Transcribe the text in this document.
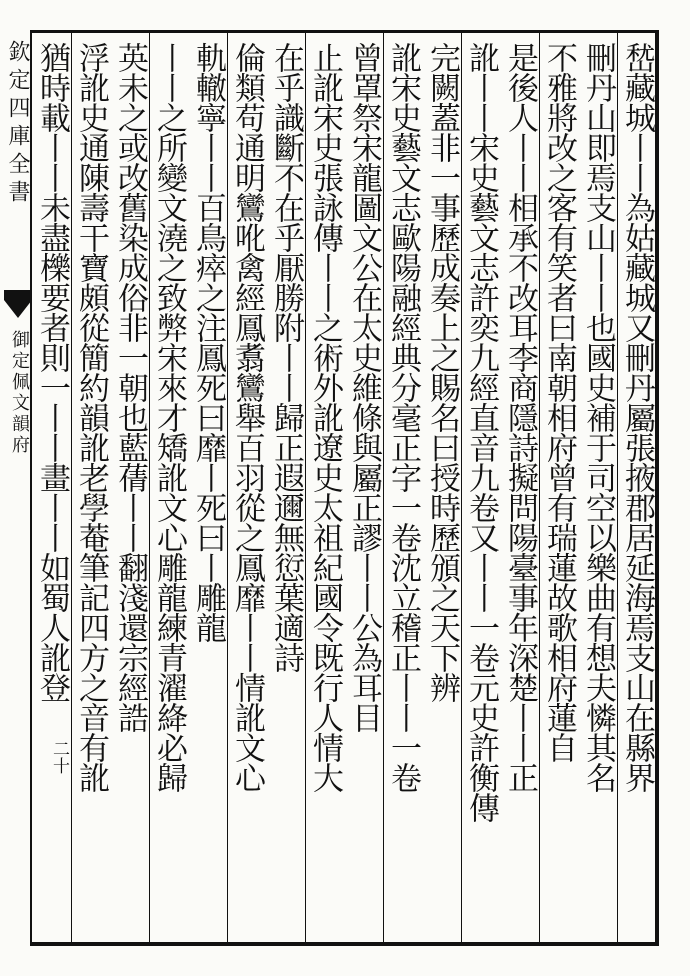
欽定四庫全書
御定佩文韻府
二十	嵆藏城丨丨為姑藏城又刪丹屬張掖郡居延海焉支山在縣界
刪丹山即焉支山丨丨也國史補于司空以樂曲有想夫憐其名
不雅將改之客有笑者曰南朝相府曾有瑞蓮故歌相府蓮自
是後人丨丨相承不改耳李商隱詩擬問陽臺事年深楚丨丨正
訛丨丨宋史藝文志許奕九經直音九卷又丨丨一卷元史許衡傳
完闕蓋非一事歷成奏上之賜名曰授時歷頒之天下辨
訛宋史藝文志歐陽融經典分毫正字一卷沈立稽正丨丨一卷
曾罩祭宋龍圖文公在太史維條與屬正謬丨丨公為耳目
止訛宋史張詠傳丨丨之術外訛遼史太祖紀國令既行人情大
在乎識斷不在乎厭勝附丨丨歸正遐邇無愆葉適詩
倫類苟通明鸞吪禽經鳳翥鸞舉百羽從之鳳靡丨丨情訛文心
軌轍寧丨丨百鳥瘁之注鳳死曰靡丨死曰丨雕龍
丨丨之所變文澆之致弊宋來才矯訛文心雕龍練青濯絳必歸
英未之或改舊染成俗非一朝也藍蒨丨丨翻淺還宗經誥
浮訛史通陳壽干寶頗從簡約韻訛老學菴筆記四方之音有訛
猶時載丨丨未盡櫟要者則一丨丨畫丨丨如蜀人訛登
